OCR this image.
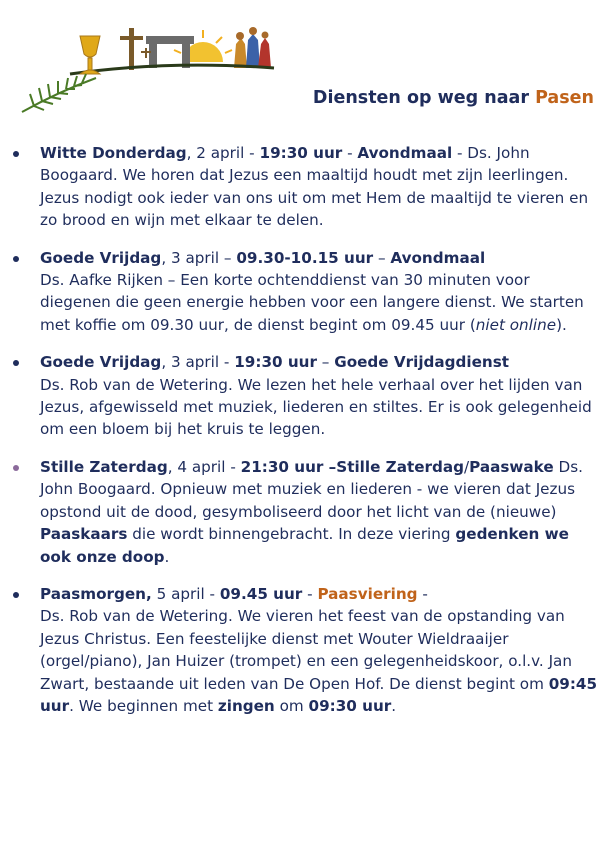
Diensten op weg naar Pasen
Witte Donderdag, 2 april - 19:30 uur - Avondmaal - Ds. John Boogaard. We horen dat Jezus een maaltijd houdt met zijn leerlingen. Jezus nodigt ook ieder van ons uit om met Hem de maaltijd te vieren en zo brood en wijn met elkaar te delen.
Goede Vrijdag, 3 april – 09.30-10.15 uur – Avondmaal
Ds. Aafke Rijken – Een korte ochtenddienst van 30 minuten voor diegenen die geen energie hebben voor een langere dienst. We starten met koffie om 09.30 uur, de dienst begint om 09.45 uur (niet online).
Goede Vrijdag, 3 april - 19:30 uur – Goede Vrijdagdienst
Ds. Rob van de Wetering. We lezen het hele verhaal over het lijden van Jezus, afgewisseld met muziek, liederen en stiltes. Er is ook gelegenheid om een bloem bij het kruis te leggen.
Stille Zaterdag, 4 april - 21:30 uur –Stille Zaterdag/Paaswake Ds. John Boogaard. Opnieuw met muziek en liederen - we vieren dat Jezus opstond uit de dood, gesymboliseerd door het licht van de (nieuwe) Paaskaars die wordt binnengebracht. In deze viering gedenken we ook onze doop.
Paasmorgen, 5 april - 09.45 uur - Paasviering -
Ds. Rob van de Wetering. We vieren het feest van de opstanding van Jezus Christus. Een feestelijke dienst met Wouter Wieldraaijer (orgel/piano), Jan Huizer (trompet) en een gelegenheidskoor, o.l.v. Jan Zwart, bestaande uit leden van De Open Hof. De dienst begint om 09:45 uur. We beginnen met zingen om 09:30 uur.
